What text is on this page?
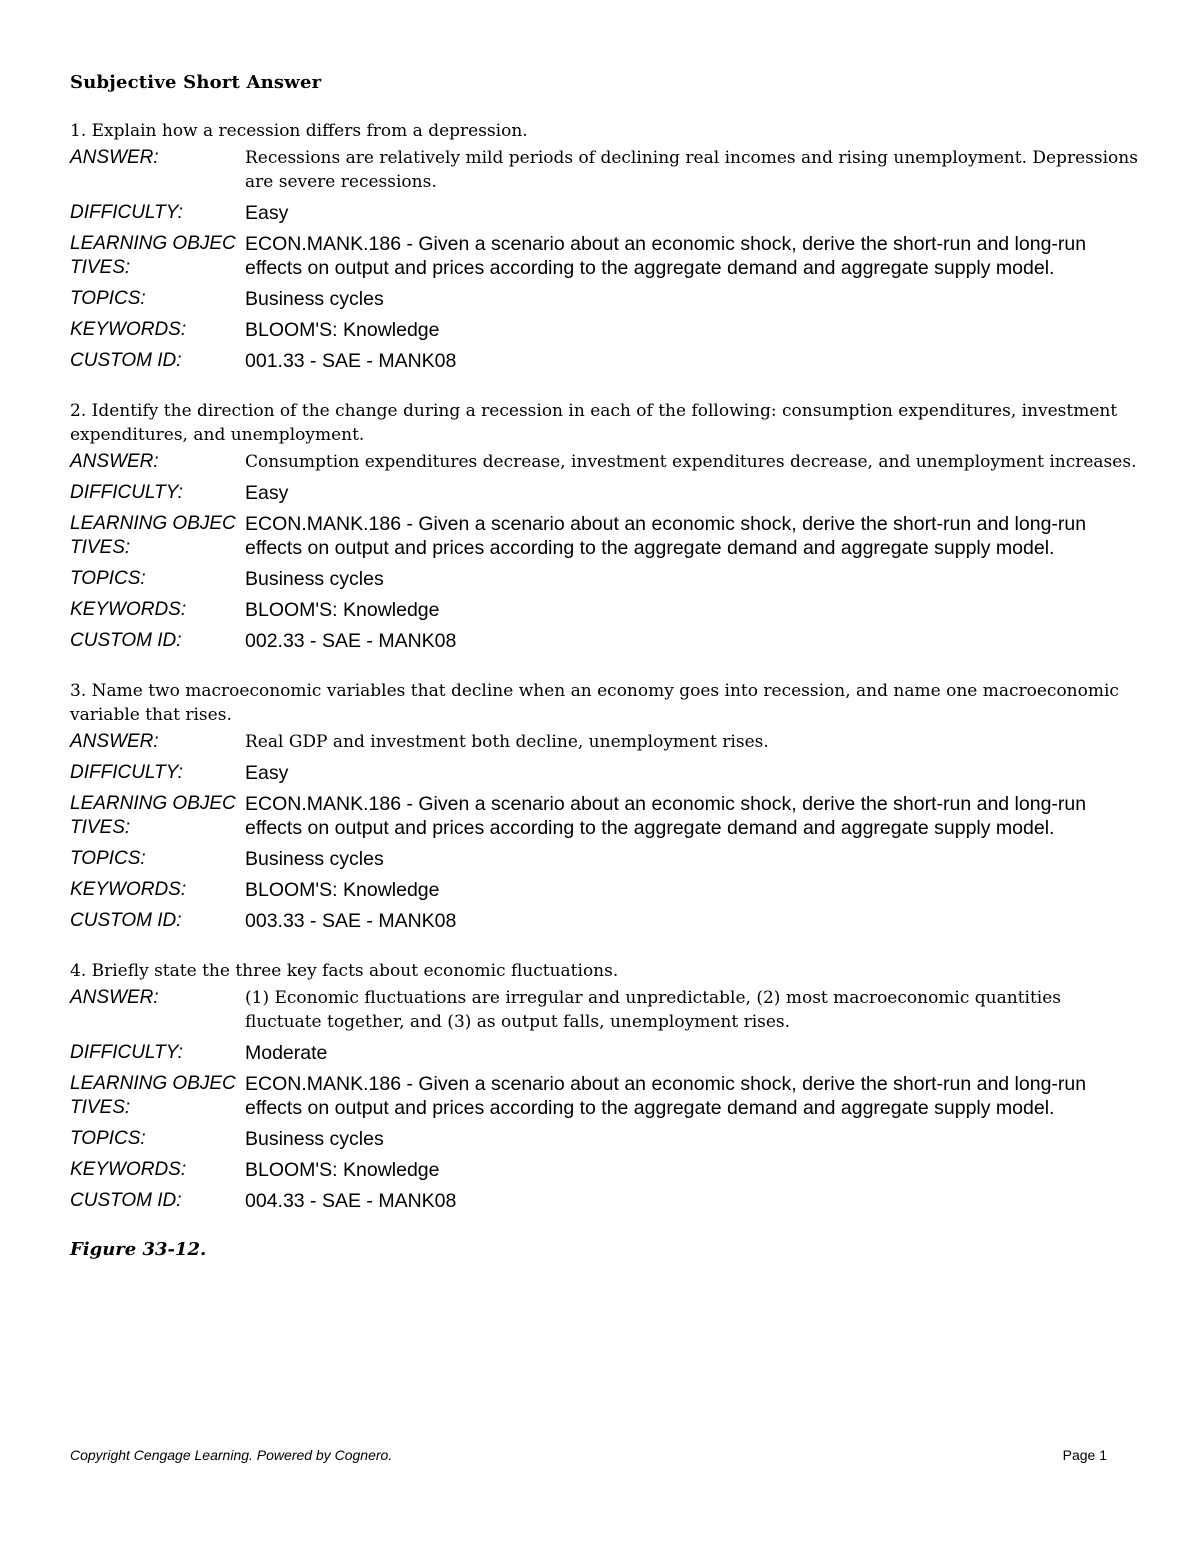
Subjective Short Answer
1. Explain how a recession differs from a depression.
ANSWER:	Recessions are relatively mild periods of declining real incomes and rising unemployment. Depressions are severe recessions.
DIFFICULTY:	Easy
LEARNING OBJECTIVES:
ECON.MANK.186 - Given a scenario about an economic shock, derive the short-run and long-run effects on output and prices according to the aggregate demand and aggregate supply model.
TOPICS:	Business cycles
KEYWORDS:	BLOOM'S: Knowledge
CUSTOM ID:	001.33 - SAE - MANK08
2. Identify the direction of the change during a recession in each of the following: consumption expenditures, investment expenditures, and unemployment.
ANSWER:	Consumption expenditures decrease, investment expenditures decrease, and unemployment increases.
DIFFICULTY:	Easy
LEARNING OBJECTIVES:
ECON.MANK.186 - Given a scenario about an economic shock, derive the short-run and long-run effects on output and prices according to the aggregate demand and aggregate supply model.
TOPICS:	Business cycles
KEYWORDS:	BLOOM'S: Knowledge
CUSTOM ID:	002.33 - SAE - MANK08
3. Name two macroeconomic variables that decline when an economy goes into recession, and name one macroeconomic variable that rises.
ANSWER:	Real GDP and investment both decline, unemployment rises.
DIFFICULTY:	Easy
LEARNING OBJECTIVES:
ECON.MANK.186 - Given a scenario about an economic shock, derive the short-run and long-run effects on output and prices according to the aggregate demand and aggregate supply model.
TOPICS:	Business cycles
KEYWORDS:	BLOOM'S: Knowledge
CUSTOM ID:	003.33 - SAE - MANK08
4. Briefly state the three key facts about economic fluctuations.
ANSWER:	(1) Economic fluctuations are irregular and unpredictable, (2) most macroeconomic quantities fluctuate together, and (3) as output falls, unemployment rises.
DIFFICULTY:	Moderate
LEARNING OBJECTIVES:
ECON.MANK.186 - Given a scenario about an economic shock, derive the short-run and long-run effects on output and prices according to the aggregate demand and aggregate supply model.
TOPICS:	Business cycles
KEYWORDS:	BLOOM'S: Knowledge
CUSTOM ID:	004.33 - SAE - MANK08
Figure 33-12.
Copyright Cengage Learning. Powered by Cognero.	Page 1
